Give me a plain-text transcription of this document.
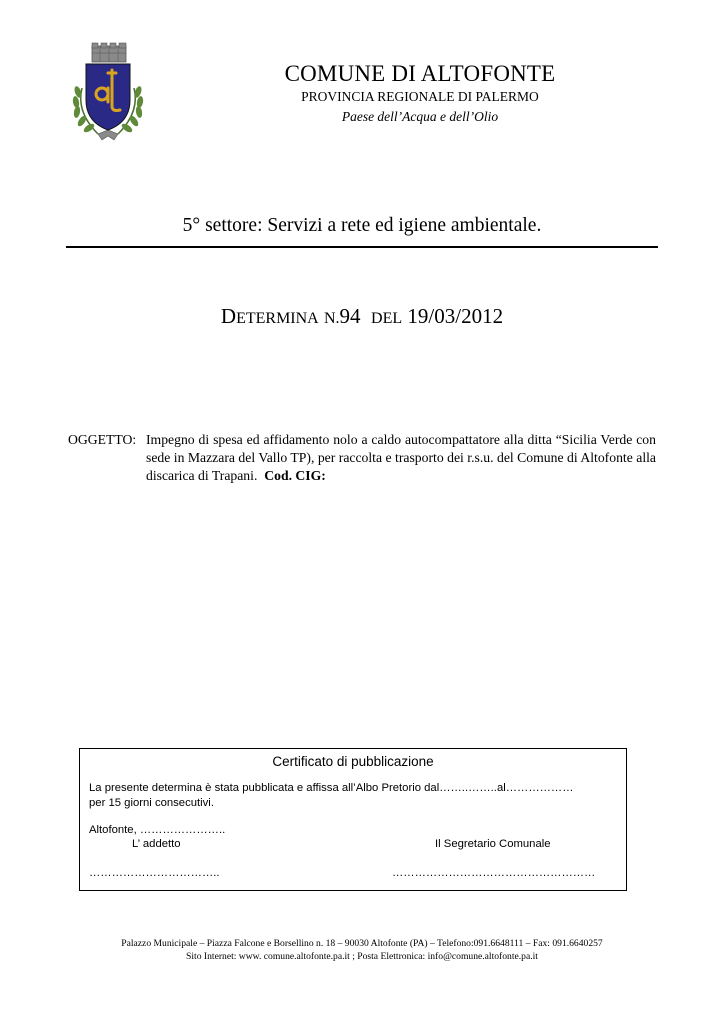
COMUNE DI ALTOFONTE
PROVINCIA REGIONALE DI PALERMO
Paese dell’Acqua e dell’Olio
5° settore: Servizi a rete ed igiene ambientale.
DETERMINA N.94 DEL 19/03/2012
OGGETTO: Impegno di spesa ed affidamento nolo a caldo autocompattatore alla ditta “Sicilia Verde con sede in Mazzara del Vallo TP), per raccolta e trasporto dei r.s.u. del Comune di Altofonte alla discarica di Trapani. Cod. CIG:
Certificato di pubblicazione
La presente determina è stata pubblicata e affissa all’Albo Pretorio dal……..……..al………………
per 15 giorni consecutivi.
Altofonte, …………………..
L’ addetto	Il Segretario Comunale
……………………………..	………………………………………………
Palazzo Municipale – Piazza Falcone e Borsellino n. 18 – 90030 Altofonte (PA) – Telefono:091.6648111 – Fax: 091.6640257
Sito Internet: www. comune.altofonte.pa.it ; Posta Elettronica: info@comune.altofonte.pa.it
